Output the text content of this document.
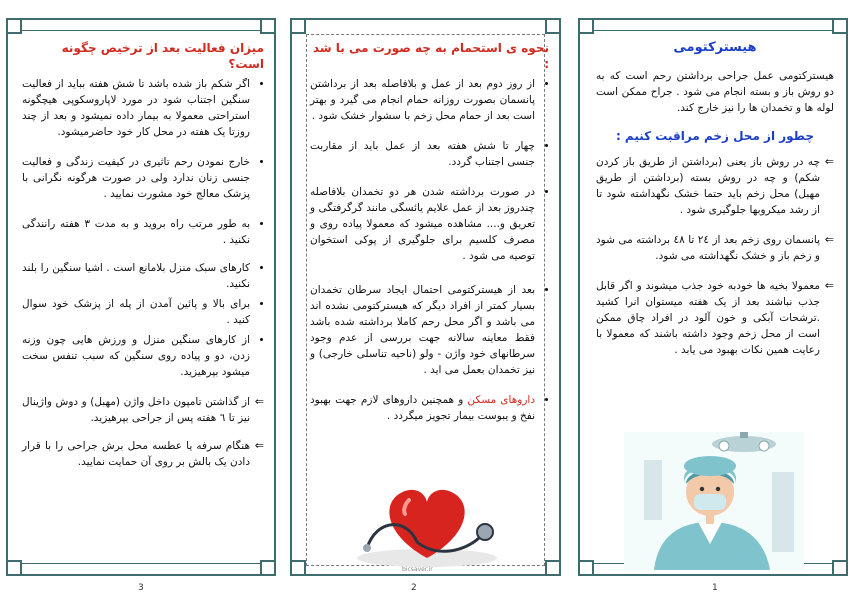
میزان فعالیت بعد از ترخیص چگونه است؟
• اگر شكم باز شده باشد تا شش هفته بباید از فعالیت سنگین اجتناب شود در مورد لاپاروسكوپی هیچگونه استراحتی معمولا به بیمار داده نمیشود و بعد از چند روزتا یک هفته در محل كار خود حاضرمیشود.
• خارج نمودن رحم تاثیری در كیفیت زندگی و فعالیت جنسی زنان ندارد ولی در صورت هرگونه نگرانی با پزشک معالج خود مشورت نمایید .
• به طور مرتب راه بروید و به مدت ٣ هفته رانندگی نكنید .
• كارهای سبک منزل بلامانع است . اشیا سنگین را بلند نكنید.
• برای بالا و پائین آمدن از پله از پزشک خود سوال كنید .
• از كارهای سنگین منزل و ورزش هایی چون وزنه زدن، دو و پیاده روی سنگین كه سبب تنفس سخت میشود بپرهیزید.
⇐ از گذاشتن تامپون داخل واژن (مهبل) و دوش واژینال نیز تا ٦ هفته پس از جراحی بپرهیزید.
⇐ هنگام سرفه یا عطسه محل برش جراحی را با قرار دادن یک بالش بر روی آن حمایت نمایید.
3
نحوه ی استحمام به چه صورت می با شد :
• از روز دوم بعد از عمل و بلافاصله بعد از برداشتن پانسمان بصورت روزانه حمام انجام می گیرد و بهتر است بعد از حمام محل زخم با سشوار خشک شود .
• چهار تا شش هفته بعد از عمل باید از مقاربت جنسی اجتناب گردد.
• در صورت برداشته شدن هر دو تخمدان بلافاصله چندروز بعد از عمل علایم یائسگی مانند گرگرفتگی و تعریق و.... مشاهده میشود كه معمولا پیاده روی و مصرف كلسیم برای جلوگیری از پوكی استخوان توصیه می شود .
• بعد از هیستركتومی احتمال ایجاد سرطان تخمدان بسیار كمتر از افراد دیگر كه هیستركتومی نشده اند می باشد و اگر محل رحم كاملا برداشته شده باشد فقط معاینه سالانه جهت بررسی از عدم وجود سرطانهای خود واژن - ولو (ناحیه تناسلی خارجی) و نیز تخمدان بعمل می اید .
• داروهای مسكن و همچنین داروهای لازم جهت بهبود نفخ و یبوست بیمار تجویز میگردد .
bicsaver.ir
2
هیستركتومی
هیستركتومی عمل جراحی برداشتن رحم است كه به دو روش باز و بسته انجام می شود . جراح ممكن است لوله ها و تخمدان ها را نیز خارج كند.
چطور از محل زخم مراقبت كنیم :
⇐ چه در روش باز یعنی (برداشتن از طریق باز كردن شكم) و چه در روش بسته (برداشتن از طریق مهبل) محل زخم باید حتما خشک نگهداشته شود تا از رشد میكروبها جلوگیری شود .
⇐ پانسمان روی زخم بعد از ٢٤ تا ٤٨ برداشته می شود و زخم باز و خشک نگهداشته می شود.
⇐ معمولا بخیه ها خودبه خود جذب میشوند و اگر قابل جذب نباشند بعد از یک هفته میستوان انرا كشید .ترشحات آبكی و خون آلود در افراد چاق ممكن است از محل زخم وجود داشته باشند كه معمولا با رعایت همین نكات بهبود می یابد .
1
